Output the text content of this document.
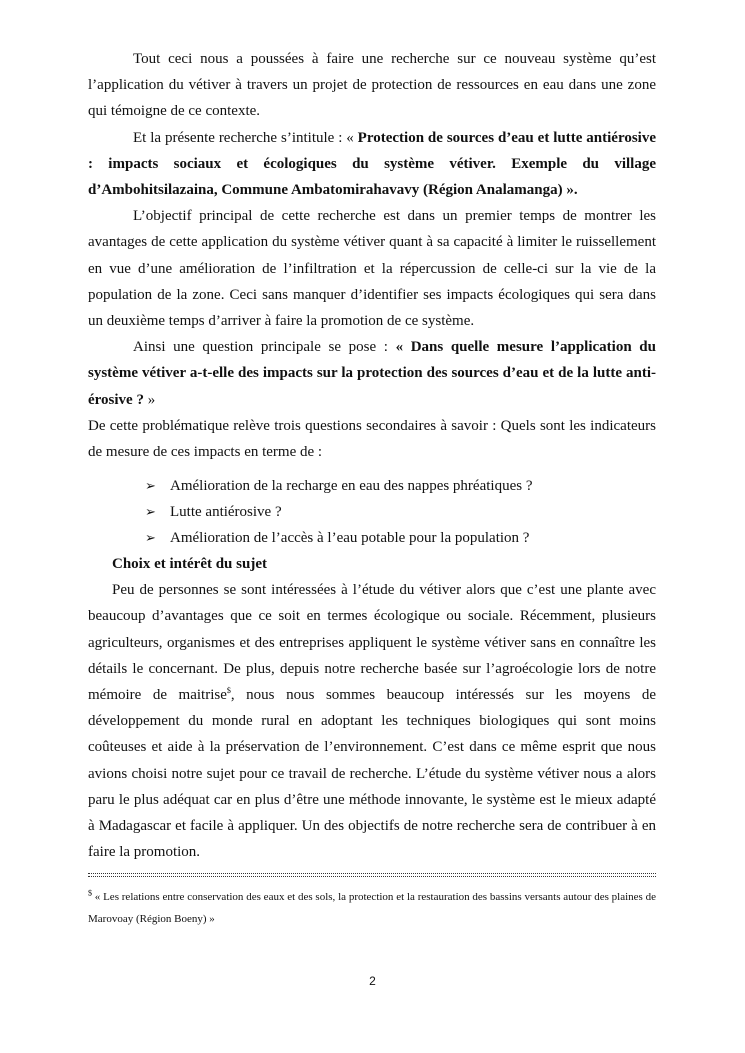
Tout ceci nous a poussées à faire une recherche sur ce nouveau système qu’est l’application du vétiver à travers un projet de protection de ressources en eau dans une zone qui témoigne de ce contexte.

Et la présente recherche s’intitule : « Protection de sources d’eau et lutte antiérosive : impacts sociaux et écologiques du système vétiver. Exemple du village d’Ambohitsilazaina, Commune Ambatomirahavavy (Région Analamanga) ».

L’objectif principal de cette recherche est dans un premier temps de montrer les avantages de cette application du système vétiver quant à sa capacité à limiter le ruissellement en vue d’une amélioration de l’infiltration et la répercussion de celle-ci sur la vie de la population de la zone. Ceci sans manquer d’identifier ses impacts écologiques qui sera dans un deuxième temps d’arriver à faire la promotion de ce système.

Ainsi une question principale se pose : « Dans quelle mesure l’application du système vétiver a-t-elle des impacts sur la protection des sources d’eau et de la lutte anti-érosive ? »

De cette problématique relève trois questions secondaires à savoir : Quels sont les indicateurs de mesure de ces impacts en terme de :

➢ Amélioration de la recharge en eau des nappes phréatiques ?
➢ Lutte antiérosive ?
➢ Amélioration de l’accès à l’eau potable pour la population ?
Choix et intérêt du sujet

Peu de personnes se sont intéressées à l’étude du vétiver alors que c’est une plante avec beaucoup d’avantages que ce soit en termes écologique ou sociale. Récemment, plusieurs agriculteurs, organismes et des entreprises appliquent le système vétiver sans en connaître les détails le concernant. De plus, depuis notre recherche basée sur l’agroécologie lors de notre mémoire de maitrise$, nous nous sommes beaucoup intéressés sur les moyens de développement du monde rural en adoptant les techniques biologiques qui sont moins coûteuses et aide à la préservation de l’environnement. C’est dans ce même esprit que nous avions choisi notre sujet pour ce travail de recherche. L’étude du système vétiver nous a alors paru le plus adéquat car en plus d’être une méthode innovante, le système est le mieux adapté à Madagascar et facile à appliquer. Un des objectifs de notre recherche sera de contribuer à en faire la promotion.

$ « Les relations entre conservation des eaux et des sols, la protection et la restauration des bassins versants autour des plaines de Marovoay (Région Boeny) »
2
